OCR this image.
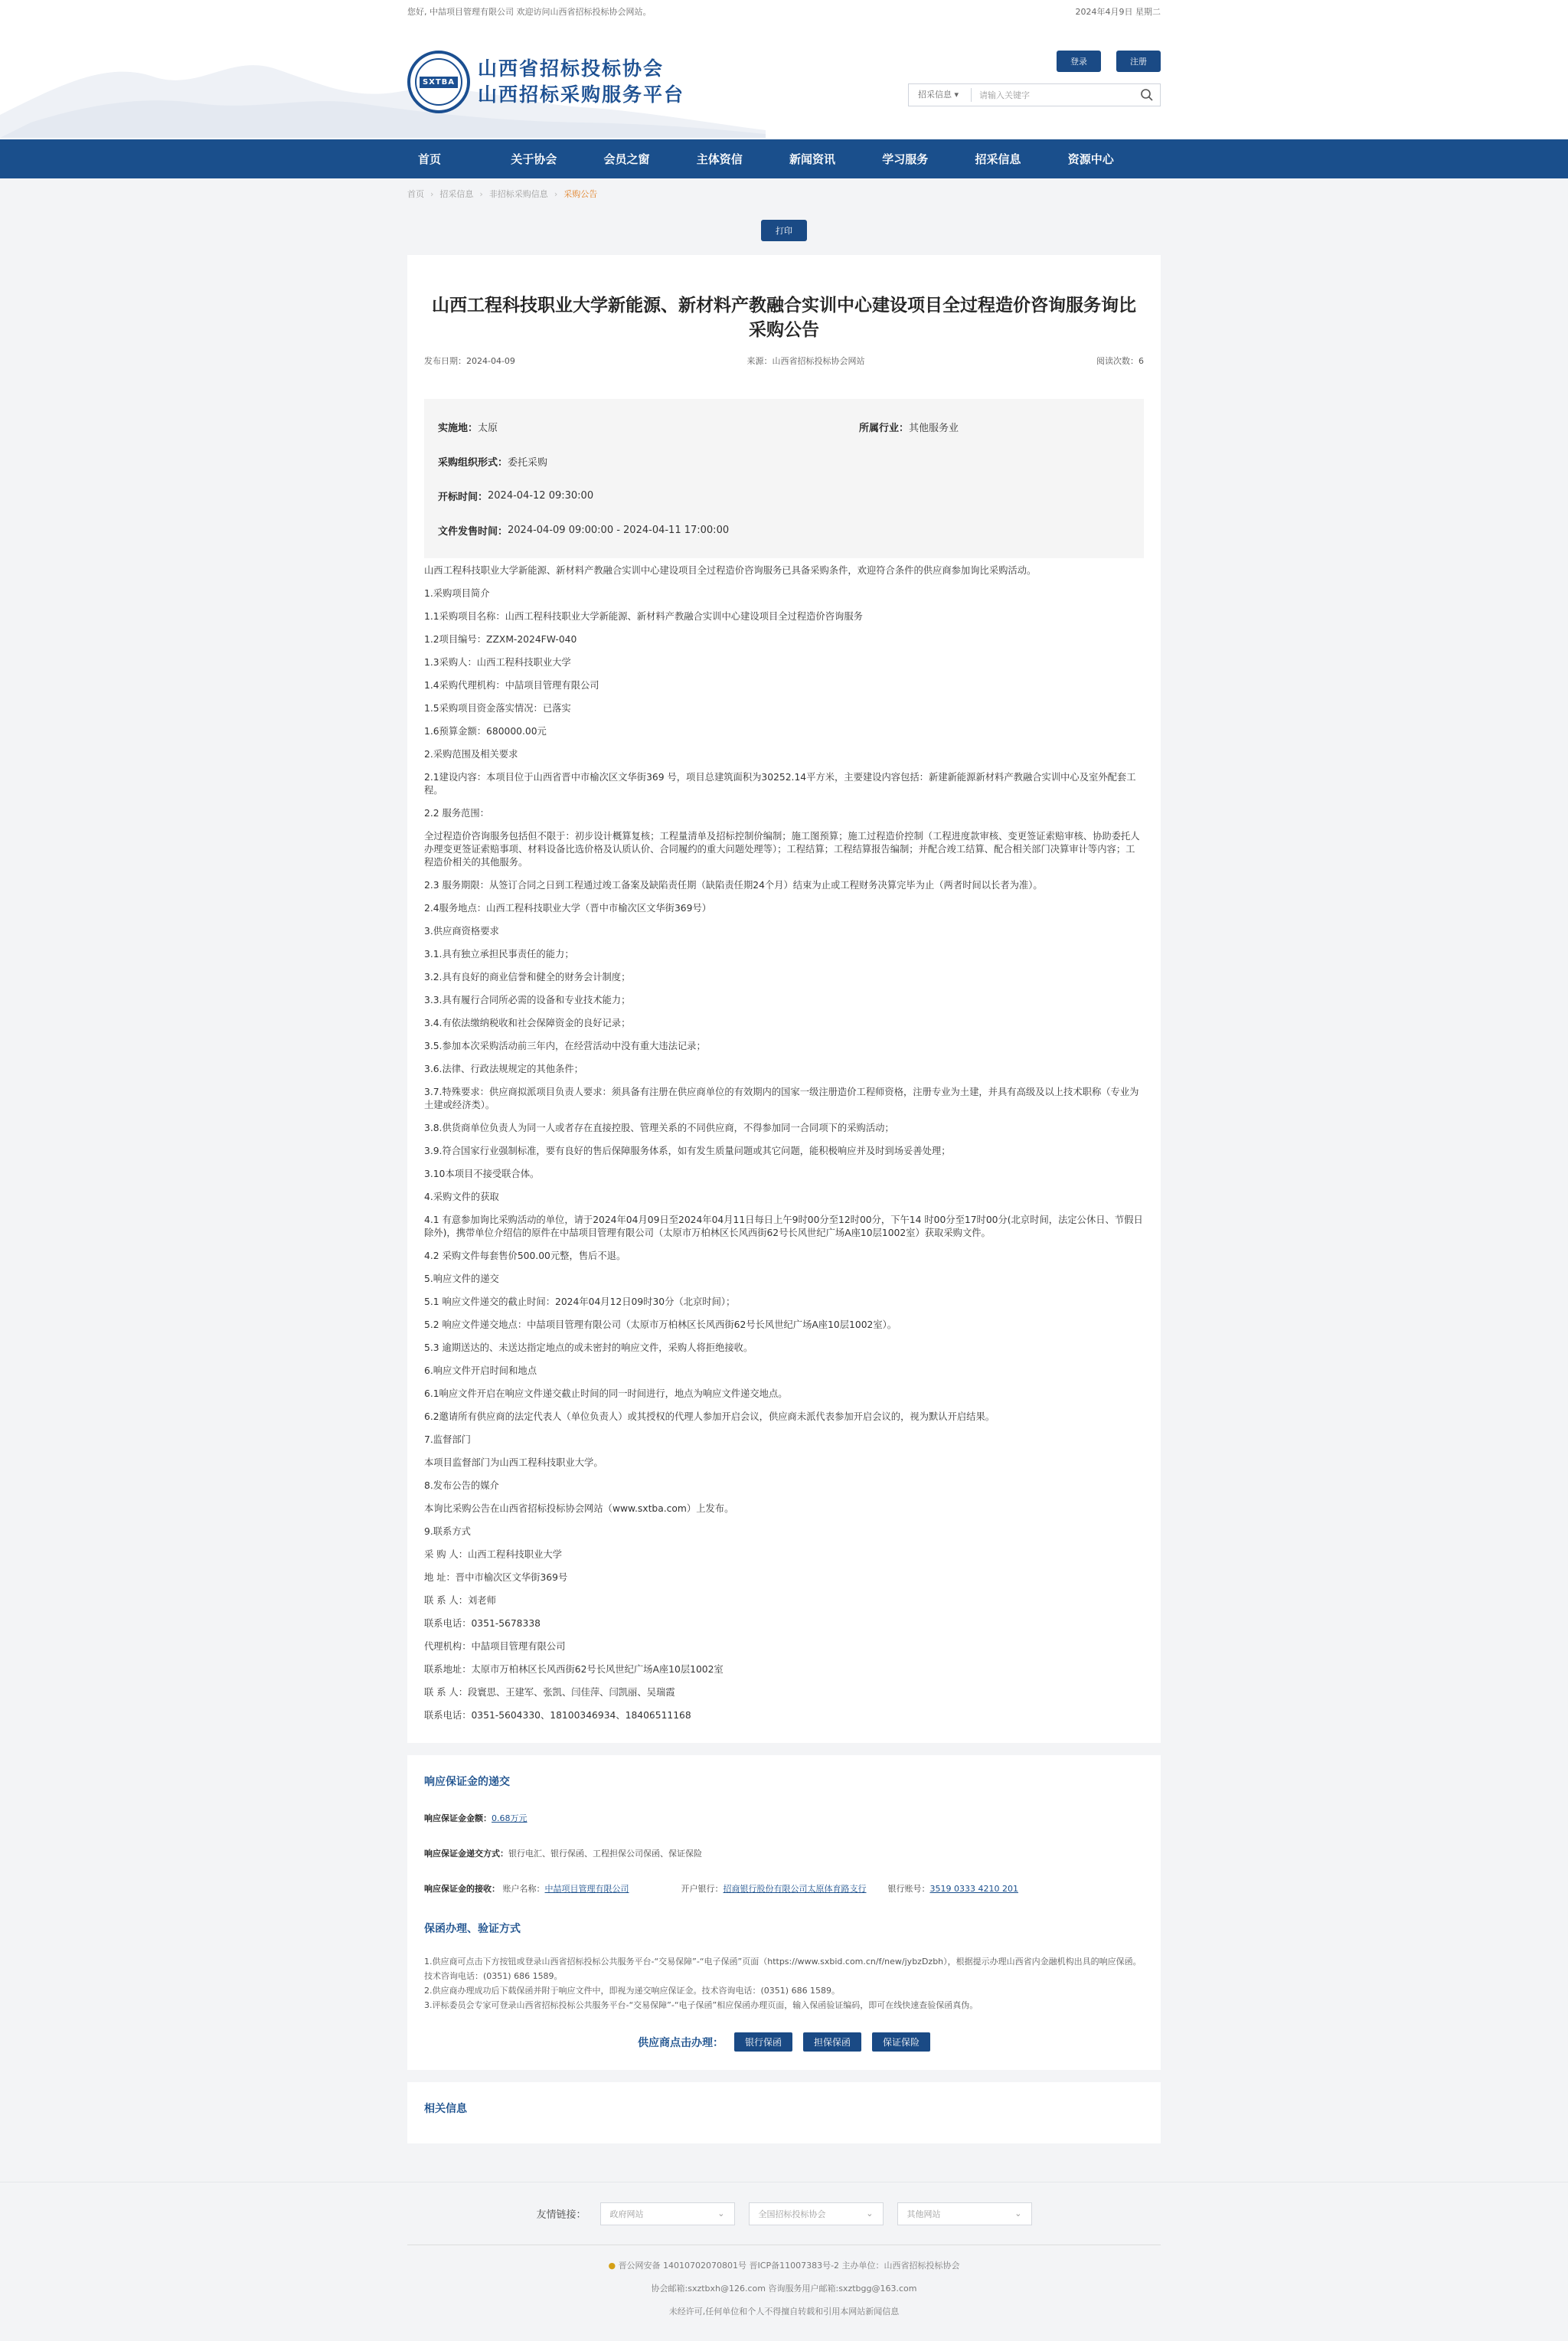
您好, 中喆项目管理有限公司 欢迎访问山西省招标投标协会网站。	2024年4月9日 星期二
SXTBA
山西省招标投标协会
山西招标采购服务平台
登录	注册
招采信息 ▾	请输入关键字
首页	关于协会	会员之窗	主体资信	新闻资讯	学习服务	招采信息	资源中心
首页 › 招采信息 › 非招标采购信息 › 采购公告
打印
山西工程科技职业大学新能源、新材料产教融合实训中心建设项目全过程造价咨询服务询比采购公告
发布日期：2024-04-09	来源：山西省招标投标协会网站	阅读次数：6
实施地：太原	所属行业：其他服务业
采购组织形式： 委托采购
开标时间： 2024-04-12 09:30:00
文件发售时间： 2024-04-09 09:00:00 - 2024-04-11 17:00:00

山西工程科技职业大学新能源、新材料产教融合实训中心建设项目全过程造价咨询服务已具备采购条件，欢迎符合条件的供应商参加询比采购活动。

1.采购项目简介

1.1采购项目名称：山西工程科技职业大学新能源、新材料产教融合实训中心建设项目全过程造价咨询服务

1.2项目编号：ZZXM-2024FW-040

1.3采购人：山西工程科技职业大学

1.4采购代理机构：中喆项目管理有限公司

1.5采购项目资金落实情况：已落实

1.6预算金额：680000.00元

2.采购范围及相关要求

2.1建设内容：本项目位于山西省晋中市榆次区文华街369 号，项目总建筑面积为30252.14平方米，主要建设内容包括：新建新能源新材料产教融合实训中心及室外配套工程。

2.2 服务范围：

全过程造价咨询服务包括但不限于：初步设计概算复核；工程量清单及招标控制价编制；施工图预算；施工过程造价控制（工程进度款审核、变更签证索赔审核、协助委托人办理变更签证索赔事项、材料设备比选价格及认质认价、合同履约的重大问题处理等）；工程结算；工程结算报告编制；并配合竣工结算、配合相关部门决算审计等内容；工程造价相关的其他服务。

2.3 服务期限：从签订合同之日到工程通过竣工备案及缺陷责任期（缺陷责任期24个月）结束为止或工程财务决算完毕为止（两者时间以长者为准）。

2.4服务地点：山西工程科技职业大学（晋中市榆次区文华街369号）

3.供应商资格要求

3.1.具有独立承担民事责任的能力；

3.2.具有良好的商业信誉和健全的财务会计制度；

3.3.具有履行合同所必需的设备和专业技术能力；

3.4.有依法缴纳税收和社会保障资金的良好记录；

3.5.参加本次采购活动前三年内，在经营活动中没有重大违法记录；

3.6.法律、行政法规规定的其他条件；

3.7.特殊要求：供应商拟派项目负责人要求：须具备有注册在供应商单位的有效期内的国家一级注册造价工程师资格，注册专业为土建，并具有高级及以上技术职称（专业为土建或经济类）。

3.8.供货商单位负责人为同一人或者存在直接控股、管理关系的不同供应商，不得参加同一合同项下的采购活动；

3.9.符合国家行业强制标准，要有良好的售后保障服务体系，如有发生质量问题或其它问题，能积极响应并及时到场妥善处理；

3.10本项目不接受联合体。

4.采购文件的获取

4.1 有意参加询比采购活动的单位，请于2024年04月09日至2024年04月11日每日上午9时00分至12时00分，下午14 时00分至17时00分(北京时间，法定公休日、节假日除外)，携带单位介绍信的原件在中喆项目管理有限公司（太原市万柏林区长风西街62号长风世纪广场A座10层1002室）获取采购文件。

4.2 采购文件每套售价500.00元整，售后不退。

5.响应文件的递交

5.1 响应文件递交的截止时间：2024年04月12日09时30分（北京时间）；

5.2 响应文件递交地点：中喆项目管理有限公司（太原市万柏林区长风西街62号长风世纪广场A座10层1002室）。

5.3 逾期送达的、未送达指定地点的或未密封的响应文件，采购人将拒绝接收。

6.响应文件开启时间和地点

6.1响应文件开启在响应文件递交截止时间的同一时间进行，地点为响应文件递交地点。

6.2邀请所有供应商的法定代表人（单位负责人）或其授权的代理人参加开启会议，供应商未派代表参加开启会议的，视为默认开启结果。

7.监督部门

本项目监督部门为山西工程科技职业大学。

8.发布公告的媒介

本询比采购公告在山西省招标投标协会网站（www.sxtba.com）上发布。

9.联系方式

采 购 人：山西工程科技职业大学

地 址：晋中市榆次区文华街369号

联 系 人：刘老师

联系电话：0351-5678338

代理机构：中喆项目管理有限公司

联系地址：太原市万柏林区长风西街62号长风世纪广场A座10层1002室

联 系 人：段寰思、王建军、张凯、闫佳萍、闫凯丽、吴瑞霞

联系电话：0351-5604330、18100346934、18406511168

响应保证金的递交
响应保证金金额：0.68万元
响应保证金递交方式：银行电汇、银行保函、工程担保公司保函、保证保险
响应保证金的接收： 账户名称：中喆项目管理有限公司	开户银行：招商银行股份有限公司太原体育路支行	银行账号：3519 0333 4210 201
保函办理、验证方式
1.供应商可点击下方按钮或登录山西省招标投标公共服务平台-“交易保障”-“电子保函”页面（https://www.sxbid.com.cn/f/new/jybzDzbh），根据提示办理山西省内金融机构出具的响应保函。技术咨询电话：(0351) 686 1589。
2.供应商办理成功后下载保函并附于响应文件中，即视为递交响应保证金。技术咨询电话：(0351) 686 1589。
3.评标委员会专家可登录山西省招标投标公共服务平台-“交易保障”-“电子保函”相应保函办理页面，输入保函验证编码，即可在线快速查验保函真伪。
供应商点击办理：	银行保函	担保保函	保证保险
相关信息
友情链接：	政府网站	⌄	全国招标投标协会	⌄	其他网站	⌄
● 晋公网安备 14010702070801号 晋ICP备11007383号-2 主办单位：山西省招标投标协会
协会邮箱:sxztbxh@126.com 咨询服务用户邮箱:sxztbgg@163.com
未经许可,任何单位和个人不得擅自转载和引用本网站新闻信息
